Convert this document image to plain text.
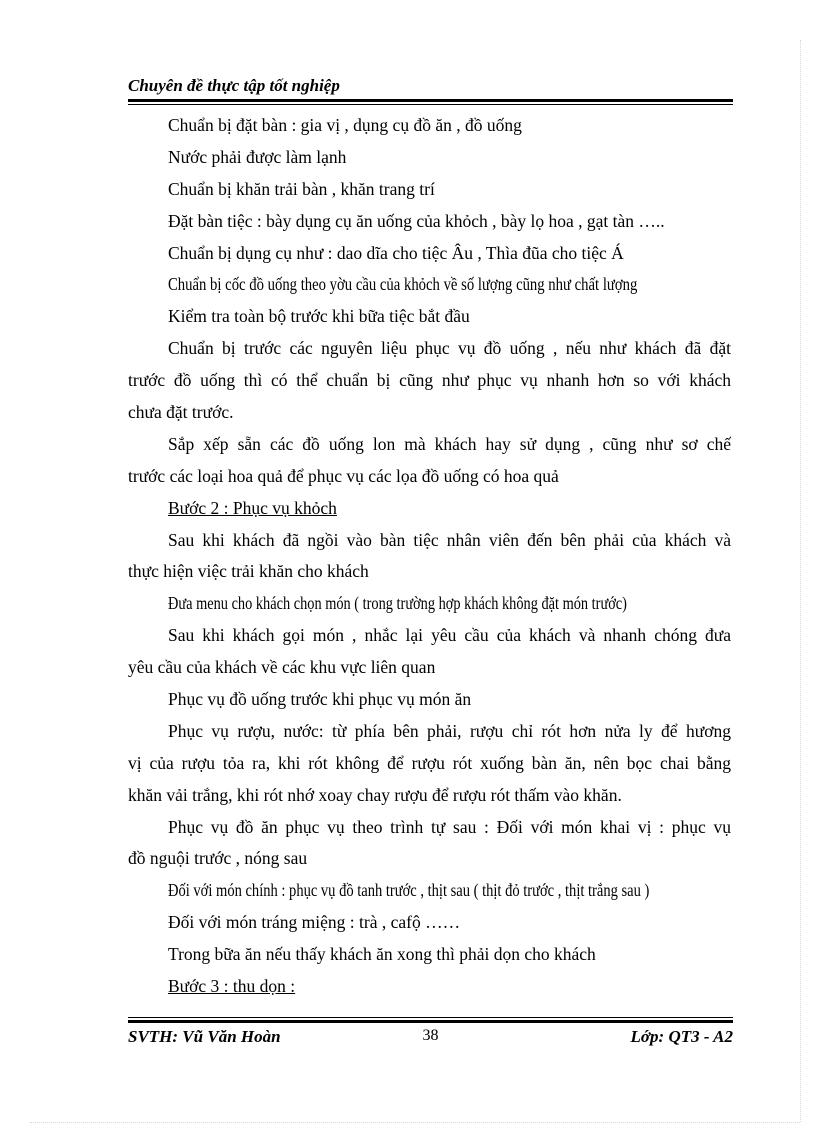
Chuyên đề thực tập tốt nghiệp
Chuẩn bị đặt bàn : gia vị , dụng cụ đồ ăn , đồ uống
Nước phải được làm lạnh
Chuẩn bị khăn trải bàn , khăn trang trí
Đặt bàn tiệc : bày dụng cụ ăn uống của khỏch , bày lọ hoa , gạt tàn …..
Chuẩn bị dụng cụ như : dao dĩa cho tiệc Âu , Thìa đũa cho tiệc Á
Chuẩn bị cốc đồ uống theo yờu cầu của khỏch về số lượng cũng như chất lượng
Kiểm tra toàn bộ trước khi bữa tiệc bắt đầu
Chuẩn bị trước các nguyên liệu phục vụ đồ uống , nếu như khách đã đặt
trước đồ uống thì có thể chuẩn bị cũng như phục vụ nhanh hơn so với khách
chưa đặt trước.
Sắp xếp sẵn các đồ uống lon mà khách hay sử dụng , cũng như sơ chế
trước các loại hoa quả để phục vụ các lọa đồ uống có hoa quả
Bước 2 : Phục vụ khỏch
Sau khi khách đã ngồi vào bàn tiệc nhân viên đến bên phải của khách và
thực hiện việc trải khăn cho khách
Đưa menu cho khách chọn món ( trong trường hợp khách không đặt món trước)
Sau khi khách gọi món , nhắc lại yêu cầu của khách và nhanh chóng đưa
yêu cầu của khách về các khu vực liên quan
Phục vụ đồ uống trước khi phục vụ món ăn
Phục vụ rượu, nước: từ phía bên phải, rượu chỉ rót hơn nửa ly để hương
vị của rượu tỏa ra, khi rót không để rượu rót xuống bàn ăn, nên bọc chai bằng
khăn vải trắng, khi rót nhớ xoay chay rượu để rượu rót thấm vào khăn.
Phục vụ đồ ăn phục vụ theo trình tự sau : Đối với món khai vị : phục vụ
đồ nguội trước , nóng sau
Đối với món chính : phục vụ đồ tanh trước , thịt sau ( thịt đỏ trước , thịt trắng sau )
Đối với món tráng miệng : trà , cafộ ……
Trong bữa ăn nếu thấy khách ăn xong thì phải dọn cho khách
Bước 3 : thu dọn :
SVTH: Vũ Văn Hoàn	38	Lớp: QT3 - A2
